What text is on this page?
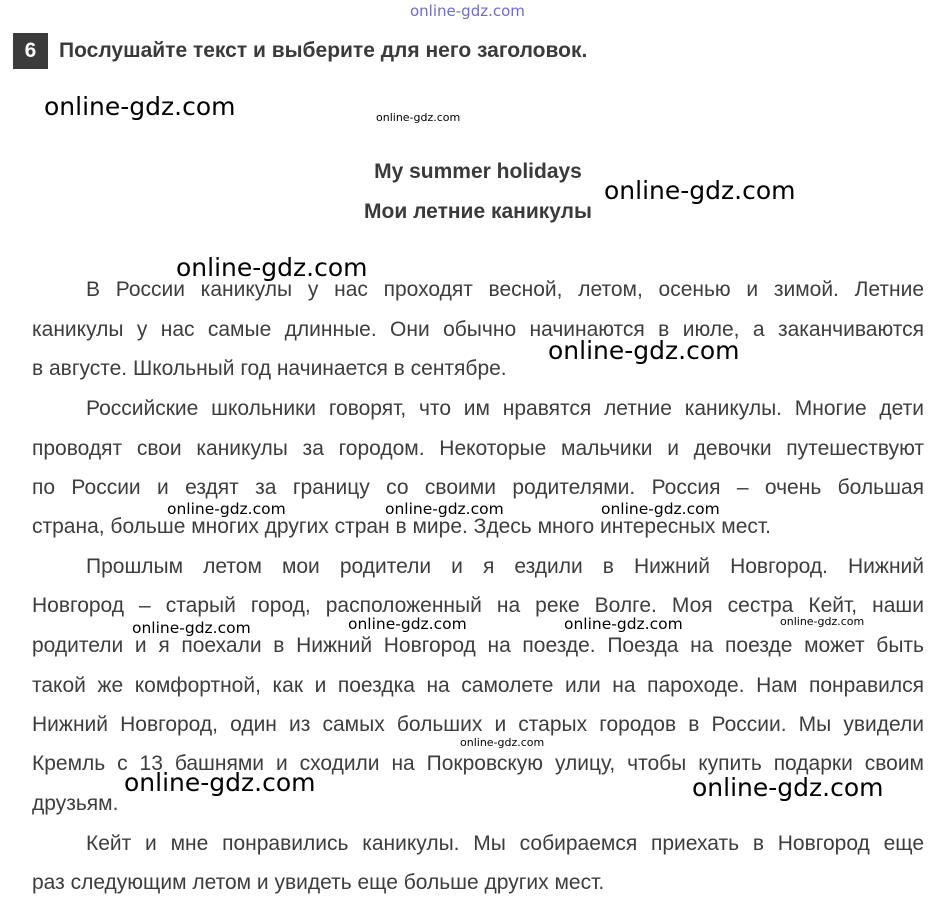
6	Послушайте текст и выберите для него заголовок.
My summer holidays
Мои летние каникулы
В России каникулы у нас проходят весной, летом, осенью и зимой. Летние
каникулы у нас самые длинные. Они обычно начинаются в июле, а заканчиваются
в августе. Школьный год начинается в сентябре.
Российские школьники говорят, что им нравятся летние каникулы. Многие дети
проводят свои каникулы за городом. Некоторые мальчики и девочки путешествуют
по России и ездят за границу со своими родителями. Россия – очень большая
страна, больше многих других стран в мире. Здесь много интересных мест.
Прошлым летом мои родители и я ездили в Нижний Новгород. Нижний
Новгород – старый город, расположенный на реке Волге. Моя сестра Кейт, наши
родители и я поехали в Нижний Новгород на поезде. Поезда на поезде может быть
такой же комфортной, как и поездка на самолете или на пароходе. Нам понравился
Нижний Новгород, один из самых больших и старых городов в России. Мы увидели
Кремль с 13 башнями и сходили на Покровскую улицу, чтобы купить подарки своим
друзьям.
Кейт и мне понравились каникулы. Мы собираемся приехать в Новгород еще
раз следующим летом и увидеть еще больше других мест.
online-gdz.com
online-gdz.com	online-gdz.com
online-gdz.com
online-gdz.com
online-gdz.com
online-gdz.com	online-gdz.com	online-gdz.com
online-gdz.com	online-gdz.com	online-gdz.com	online-gdz.com
online-gdz.com
online-gdz.com	online-gdz.com
